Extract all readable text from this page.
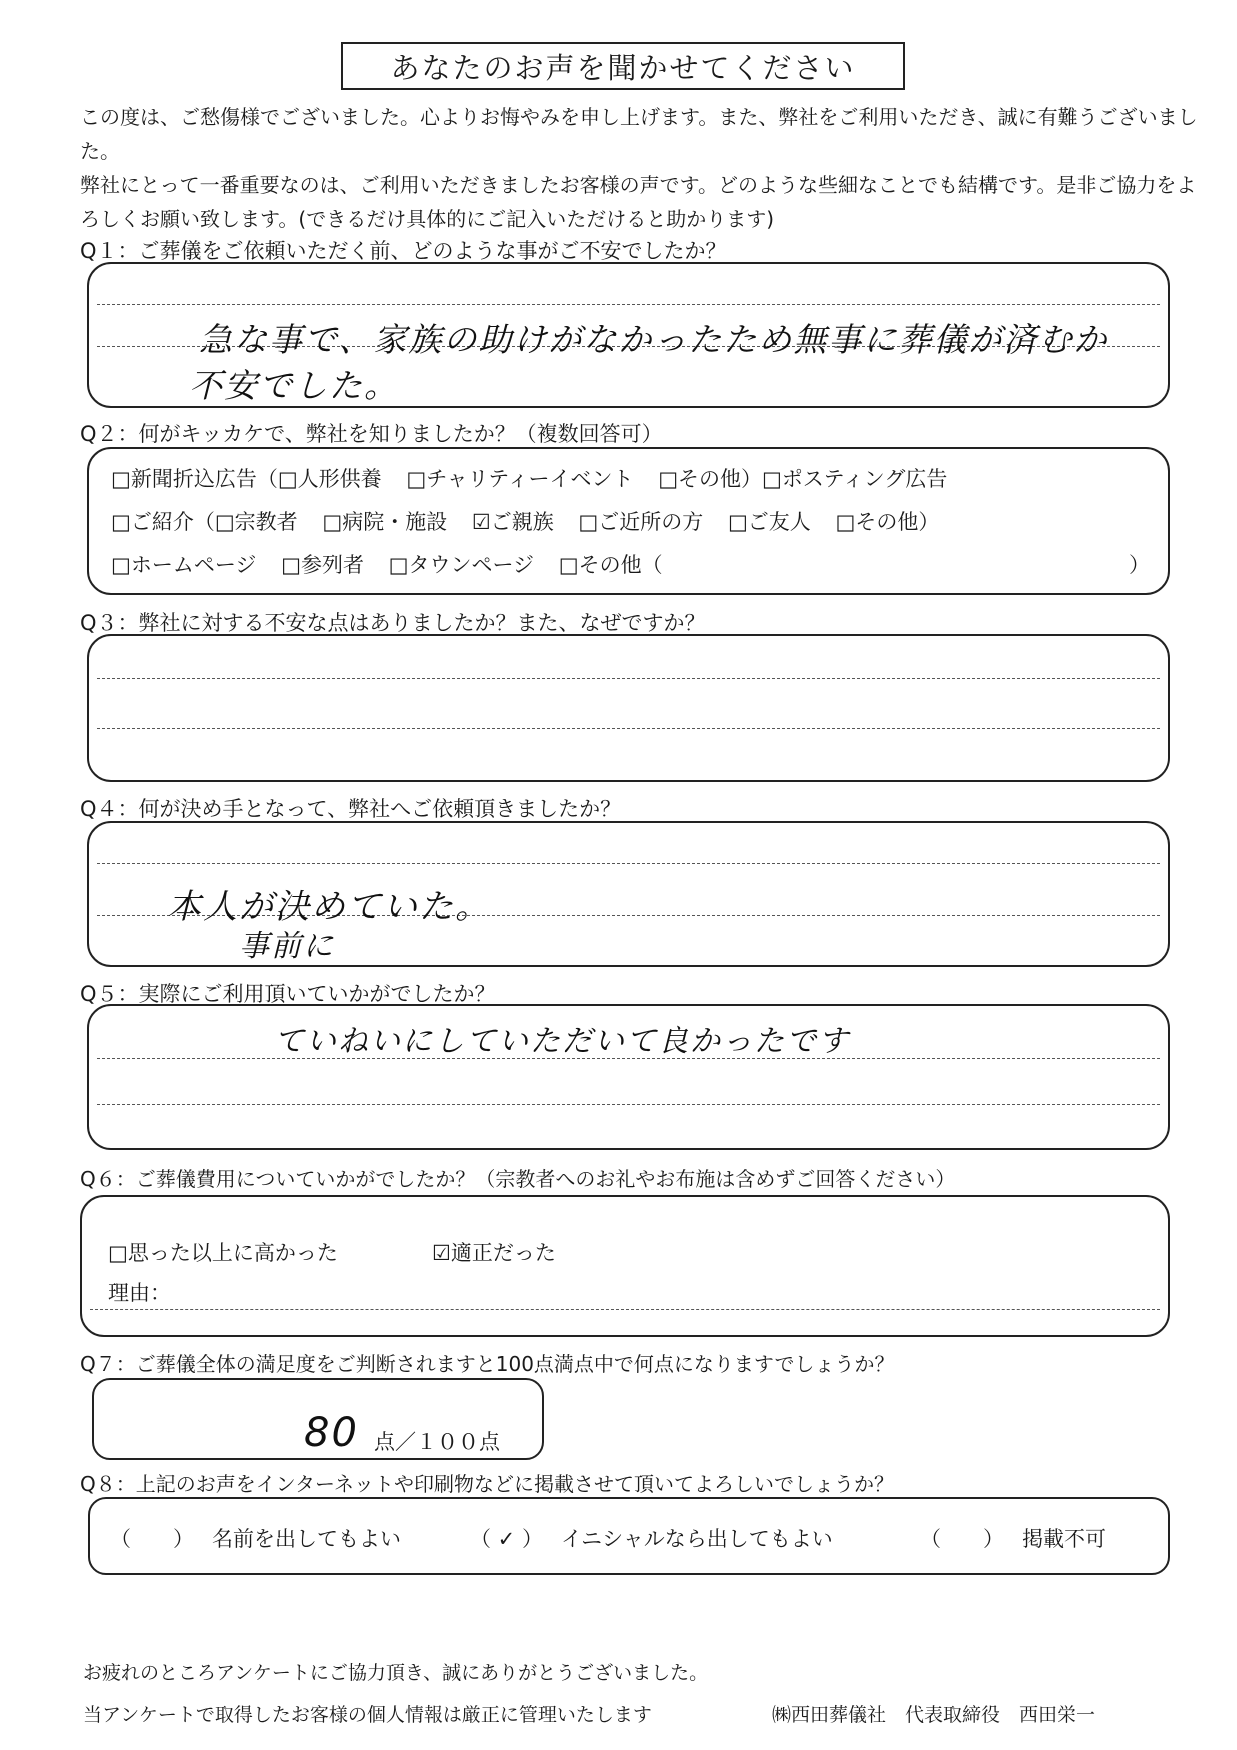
あなたのお声を聞かせてください
この度は、ご愁傷様でございました。心よりお悔やみを申し上げます。また、弊社をご利用いただき、誠に有難うございました。
弊社にとって一番重要なのは、ご利用いただきましたお客様の声です。どのような些細なことでも結構です。是非ご協力をよろしくお願い致します。(できるだけ具体的にご記入いただけると助かります)
Q１：ご葬儀をご依頼いただく前、どのような事がご不安でしたか？
急な事で、家族の助けがなかったため無事に葬儀が済むか
不安でした。
Q２：何がキッカケで、弊社を知りましたか？（複数回答可）
□新聞折込広告（□人形供養 □チャリティーイベント □その他）□ポスティング広告
□ご紹介（□宗教者 □病院・施設 ☑ご親族 □ご近所の方 □ご友人 □その他）
□ホームページ □参列者 □タウンページ □その他（	）
Q３：弊社に対する不安な点はありましたか？また、なぜですか？
Q４：何が決め手となって、弊社へご依頼頂きましたか？
本人が決めていた。
事前に
Q５：実際にご利用頂いていかがでしたか？
ていねいにしていただいて良かったです
Q６：ご葬儀費用についていかがでしたか？（宗教者へのお礼やお布施は含めずご回答ください）
□思った以上に高かった	☑適正だった
理由：
Q７：ご葬儀全体の満足度をご判断されますと100点満点中で何点になりますでしょうか？
80 点／１００点
Q８：上記のお声をインターネットや印刷物などに掲載させて頂いてよろしいでしょうか？
（　　） 名前を出してもよい	（ ✓ ） イニシャルなら出してもよい	（　　） 掲載不可
お疲れのところアンケートにご協力頂き、誠にありがとうございました。
当アンケートで取得したお客様の個人情報は厳正に管理いたします	㈱西田葬儀社　代表取締役　西田栄一
